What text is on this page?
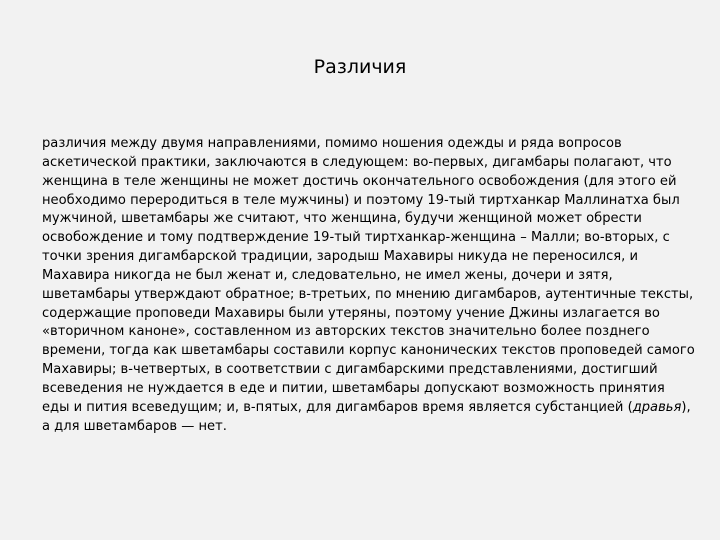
Различия
различия между двумя направлениями, помимо ношения одежды и ряда вопросов
аскетической практики, заключаются в следующем: во-первых, дигамбары полагают, что
женщина в теле женщины не может достичь окончательного освобождения (для этого ей
необходимо переродиться в теле мужчины) и поэтому 19-тый тиртханкар Маллинатха был
мужчиной, шветамбары же считают, что женщина, будучи женщиной может обрести
освобождение и тому подтверждение 19-тый тиртханкар-женщина – Малли; во-вторых, с
точки зрения дигамбарской традиции, зародыш Махавиры никуда не переносился, и
Махавира никогда не был женат и, следовательно, не имел жены, дочери и зятя,
шветамбары утверждают обратное; в-третьих, по мнению дигамбаров, аутентичные тексты,
содержащие проповеди Махавиры были утеряны, поэтому учение Джины излагается во
«вторичном каноне», составленном из авторских текстов значительно более позднего
времени, тогда как шветамбары составили корпус канонических текстов проповедей самого
Махавиры; в-четвертых, в соответствии с дигамбарскими представлениями, достигший
всеведения не нуждается в еде и питии, шветамбары допускают возможность принятия
еды и пития всеведущим; и, в-пятых, для дигамбаров время является субстанцией (дравья),
а для шветамбаров — нет.
